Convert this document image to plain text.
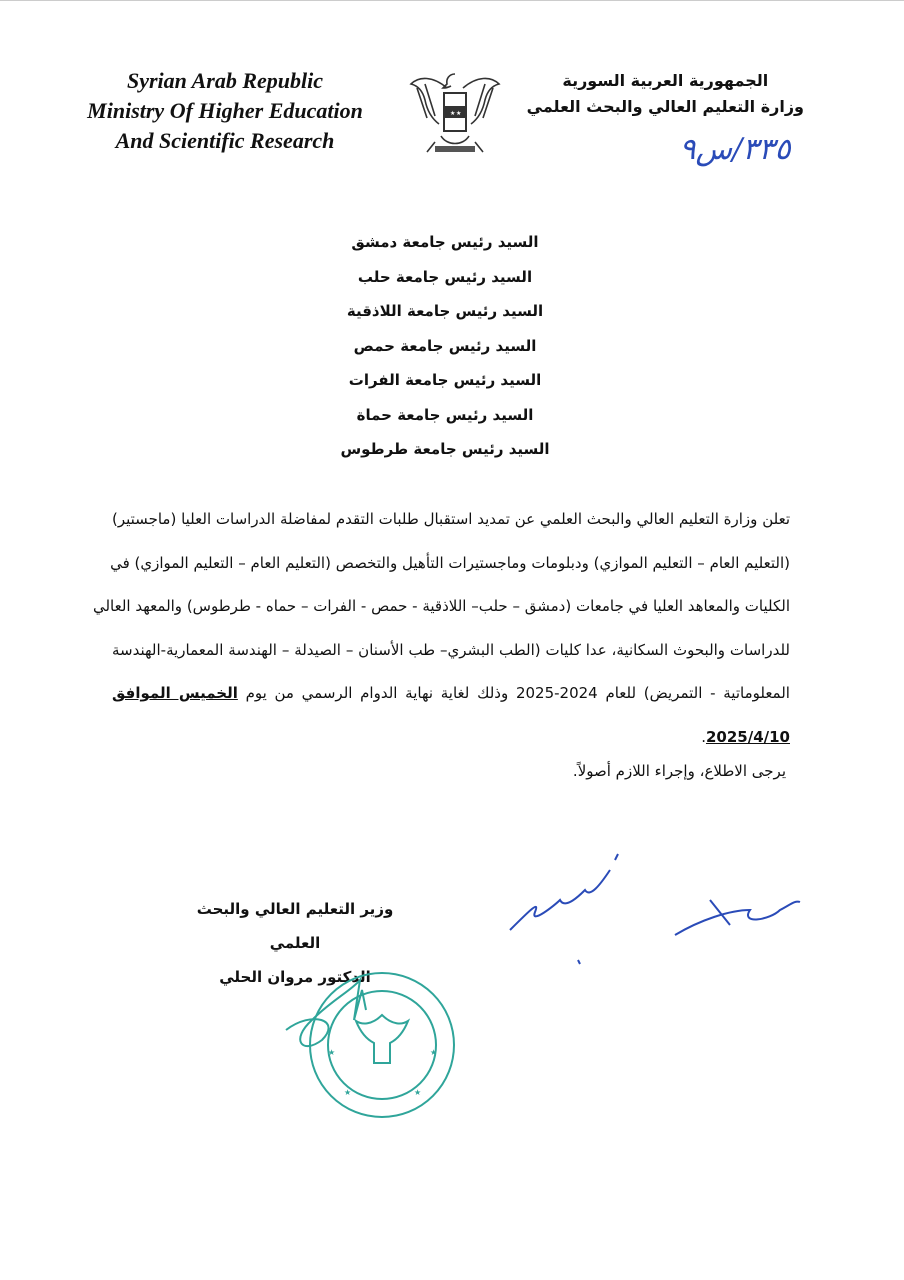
Syrian Arab Republic
Ministry Of Higher Education
And Scientific Research
★ ★
الجمهورية العربية السورية
وزارة التعليم العالي والبحث العلمي
٣٣٥/س٩
السيد رئيس جامعة دمشق
السيد رئيس جامعة حلب
السيد رئيس جامعة اللاذقية
السيد رئيس جامعة حمص
السيد رئيس جامعة الفرات
السيد رئيس جامعة حماة
السيد رئيس جامعة طرطوس
تعلن وزارة التعليم العالي والبحث العلمي عن تمديد استقبال طلبات التقدم لمفاضلة الدراسات العليا (ماجستير)
(التعليم العام – التعليم الموازي) ودبلومات وماجستيرات التأهيل والتخصص (التعليم العام – التعليم الموازي) في
الكليات والمعاهد العليا في جامعات (دمشق – حلب– اللاذقية - حمص - الفرات – حماه - طرطوس) والمعهد العالي
للدراسات والبحوث السكانية، عدا كليات (الطب البشري– طب الأسنان – الصيدلة – الهندسة المعمارية-الهندسة
المعلوماتية - التمريض) للعام 2024-2025 وذلك لغاية نهاية الدوام الرسمي من يوم الخميس الموافق
2025/4/10.
يرجى الاطلاع، وإجراء اللازم أصولاً.
وزير التعليم العالي والبحث العلمي
الدكتور مروان الحلي
★	★
★	★
